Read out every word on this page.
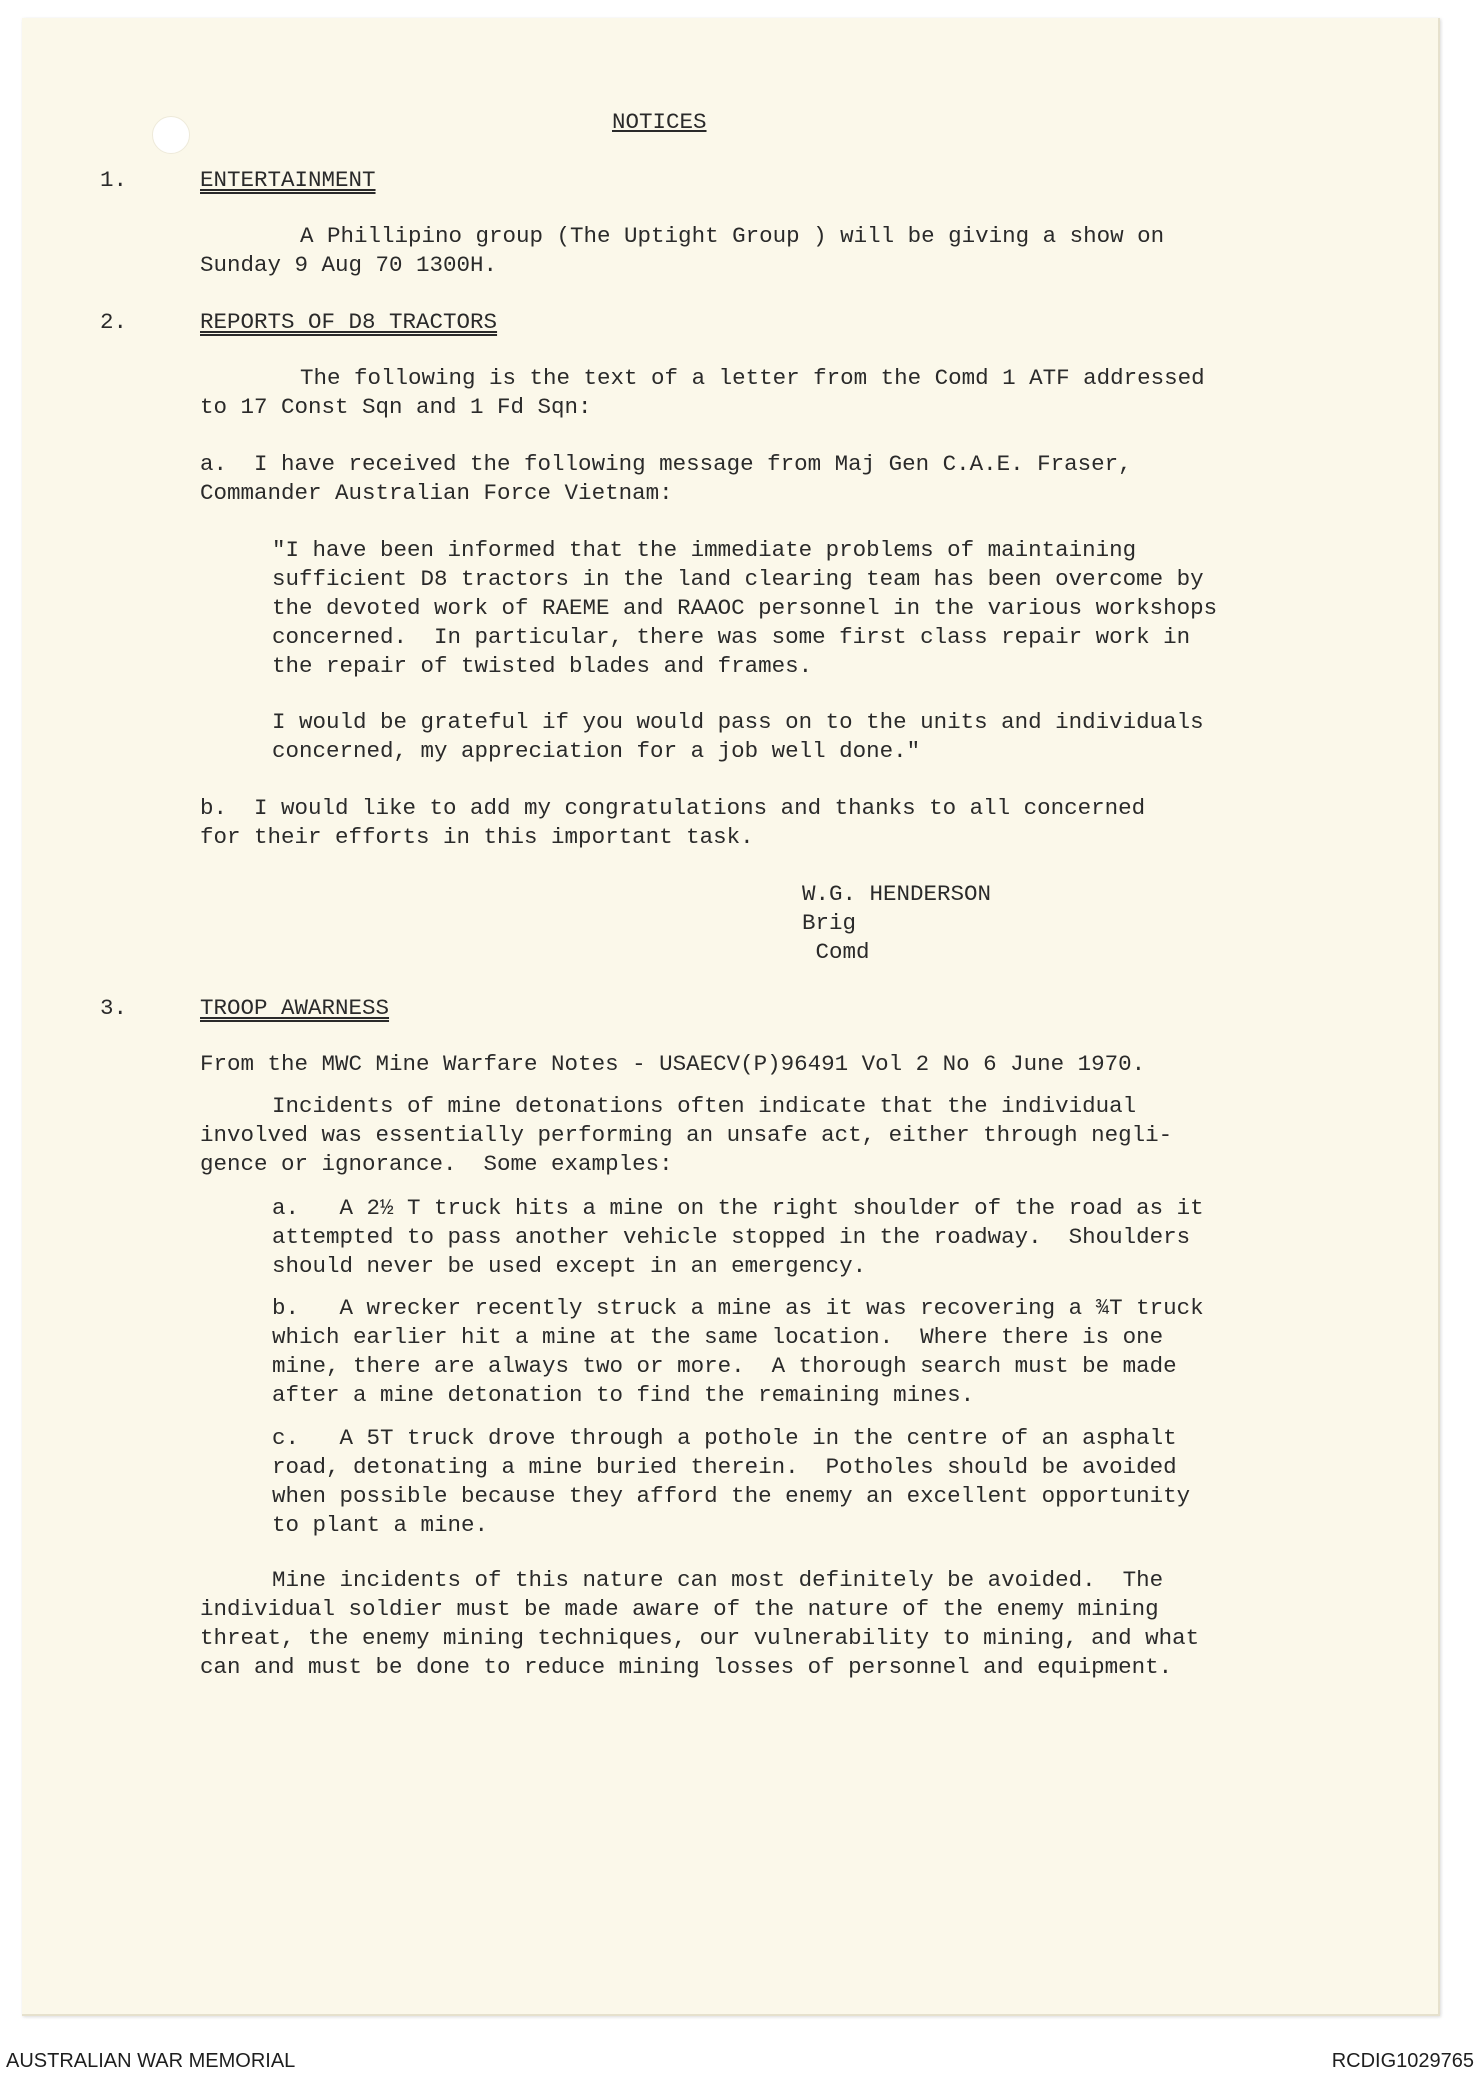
NOTICES
1.	ENTERTAINMENT
A Phillipino group (The Uptight Group ) will be giving a show on
Sunday 9 Aug 70 1300H.
2.	REPORTS OF D8 TRACTORS
The following is the text of a letter from the Comd 1 ATF addressed
to 17 Const Sqn and 1 Fd Sqn:
a.  I have received the following message from Maj Gen C.A.E. Fraser,
Commander Australian Force Vietnam:
"I have been informed that the immediate problems of maintaining
sufficient D8 tractors in the land clearing team has been overcome by
the devoted work of RAEME and RAAOC personnel in the various workshops
concerned.  In particular, there was some first class repair work in
the repair of twisted blades and frames.
I would be grateful if you would pass on to the units and individuals
concerned, my appreciation for a job well done."
b.  I would like to add my congratulations and thanks to all concerned
for their efforts in this important task.
W.G. HENDERSON
Brig
Comd
3.	TROOP AWARNESS
From the MWC Mine Warfare Notes - USAECV(P)96491 Vol 2 No 6 June 1970.
Incidents of mine detonations often indicate that the individual
involved was essentially performing an unsafe act, either through negli-
gence or ignorance.  Some examples:
a.   A 2½ T truck hits a mine on the right shoulder of the road as it
attempted to pass another vehicle stopped in the roadway.  Shoulders
should never be used except in an emergency.
b.   A wrecker recently struck a mine as it was recovering a ¾T truck
which earlier hit a mine at the same location.  Where there is one
mine, there are always two or more.  A thorough search must be made
after a mine detonation to find the remaining mines.
c.   A 5T truck drove through a pothole in the centre of an asphalt
road, detonating a mine buried therein.  Potholes should be avoided
when possible because they afford the enemy an excellent opportunity
to plant a mine.
Mine incidents of this nature can most definitely be avoided.  The
individual soldier must be made aware of the nature of the enemy mining
threat, the enemy mining techniques, our vulnerability to mining, and what
can and must be done to reduce mining losses of personnel and equipment.
AUSTRALIAN WAR MEMORIAL	RCDIG1029765
